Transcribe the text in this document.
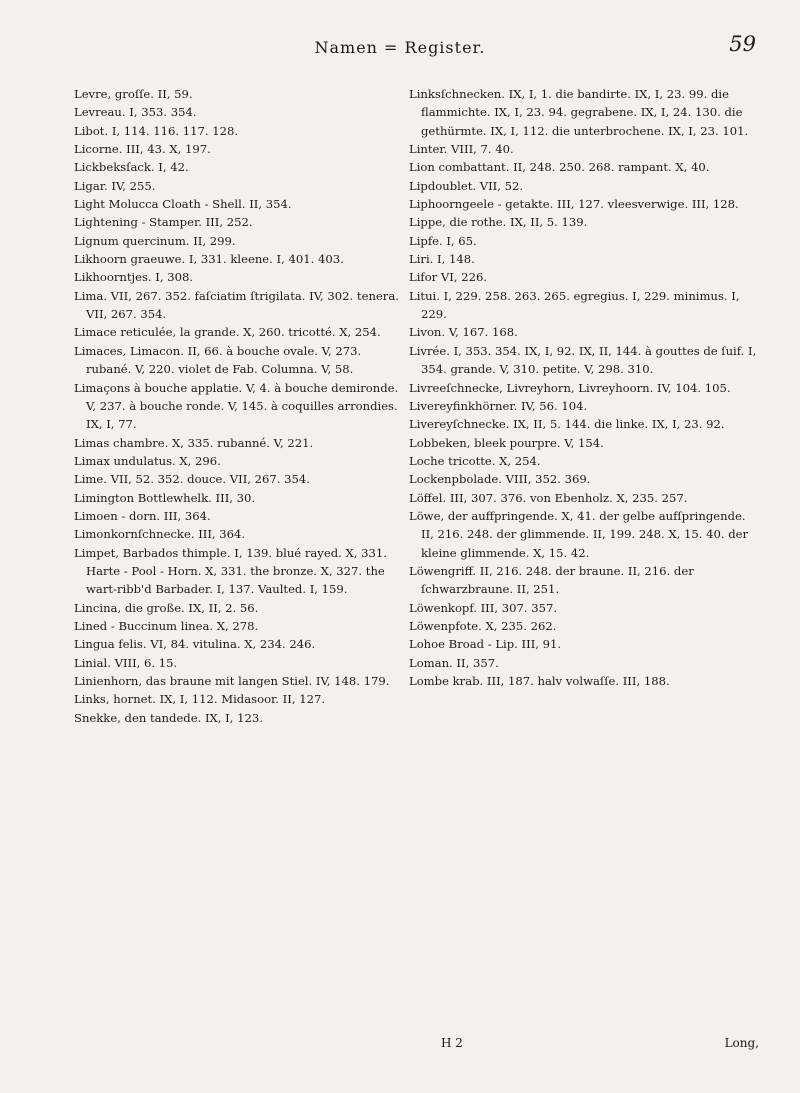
Namen = Register.	59
Levre, groſſe. II, 59.
Levreau. I, 353. 354.
Libot. I, 114. 116. 117. 128.
Licorne. III, 43. X, 197.
Lickbeksſack. I, 42.
Ligar. IV, 255.
Light Molucca Cloath - Shell. II, 354.
Lightening - Stamper. III, 252.
Lignum quercinum. II, 299.
Likhoorn graeuwe. I, 331. kleene. I, 401. 403.
Likhoorntjes. I, 308.
Lima. VII, 267. 352. faſciatim ſtrigilata. IV, 302. tenera. VII, 267. 354.
Limace reticulée, la grande. X, 260. tricotté. X, 254.
Limaces, Limacon. II, 66. à bouche ovale. V, 273. rubané. V, 220. violet de Fab. Columna. V, 58.
Limaçons à bouche applatie. V, 4. à bouche demironde. V, 237. à bouche ronde. V, 145. à coquilles arrondies. IX, I, 77.
Limas chambre. X, 335. rubanné. V, 221.
Limax undulatus. X, 296.
Lime. VII, 52. 352. douce. VII, 267. 354.
Limington Bottlewhelk. III, 30.
Limoen - dorn. III, 364.
Limonkornſchnecke. III, 364.
Limpet, Barbados thimple. I, 139. blué rayed. X, 331. Harte - Pool - Horn. X, 331. the bronze. X, 327. the wart-ribb'd Barbader. I, 137. Vaulted. I, 159.
Lincina, die große. IX, II, 2. 56.
Lined - Buccinum linea. X, 278.
Lingua felis. VI, 84. vitulina. X, 234. 246.
Linial. VIII, 6. 15.
Linienhorn, das braune mit langen Stiel. IV, 148. 179.
Links, hornet. IX, I, 112. Midasoor. II, 127.
Snekke, den tandede. IX, I, 123.
Linksſchnecken. IX, I, 1. die bandirte. IX, I, 23. 99. die flammichte. IX, I, 23. 94. gegrabene. IX, I, 24. 130. die gethürmte. IX, I, 112. die unterbrochene. IX, I, 23. 101.
Linter. VIII, 7. 40.
Lion combattant. II, 248. 250. 268. rampant. X, 40.
Lipdoublet. VII, 52.
Liphoorngeele - getakte. III, 127. vleesverwige. III, 128.
Lippe, die rothe. IX, II, 5. 139.
Lipfe. I, 65.
Liri. I, 148.
Lifor VI, 226.
Litui. I, 229. 258. 263. 265. egregius. I, 229. minimus. I, 229.
Livon. V, 167. 168.
Livrée. I, 353. 354. IX, I, 92. IX, II, 144. à gouttes de ſuif. I, 354. grande. V, 310. petite. V, 298. 310.
Livreeſchnecke, Livreyhorn, Livreyhoorn. IV, 104. 105.
Livereyfinkhörner. IV, 56. 104.
Livereyſchnecke. IX, II, 5. 144. die linke. IX, I, 23. 92.
Lobbeken, bleek pourpre. V, 154.
Loche tricotte. X, 254.
Lockenpbolade. VIII, 352. 369.
Löffel. III, 307. 376. von Ebenholz. X, 235. 257.
Löwe, der auffpringende. X, 41. der gelbe aufſpringende. II, 216. 248. der glimmende. II, 199. 248. X, 15. 40. der kleine glimmende. X, 15. 42.
Löwengriff. II, 216. 248. der braune. II, 216. der ſchwarzbraune. II, 251.
Löwenkopf. III, 307. 357.
Löwenpfote. X, 235. 262.
Lohoe Broad - Lip. III, 91.
Loman. II, 357.
Lombe krab. III, 187. halv volwaſſe. III, 188.
H 2	Long,
